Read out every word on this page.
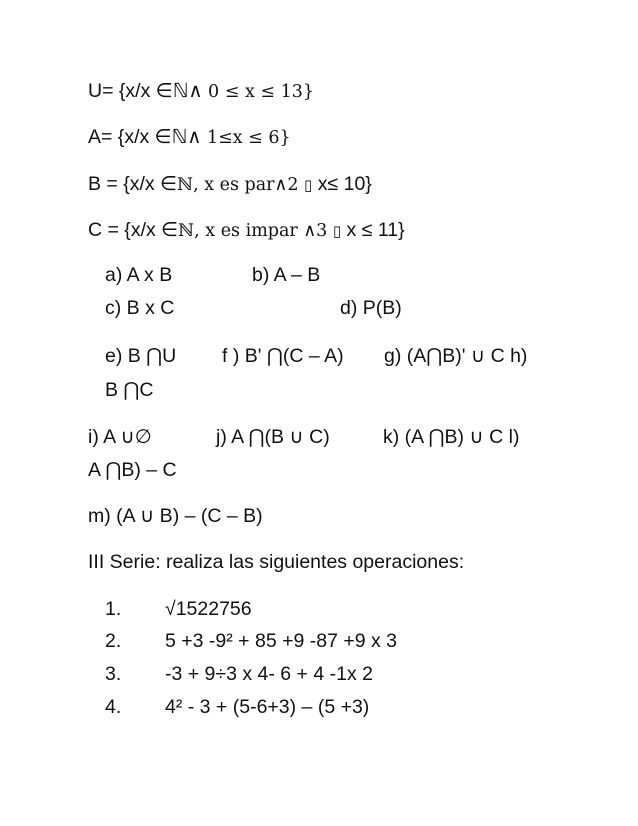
U= {x/x ∈ℕ∧ 0 ≤ x ≤ 13}
A= {x/x ∈ℕ∧ 1≤x ≤ 6}
B = {x/x ∈ℕ, x es par∧2 ▯ x≤ 10}
C = {x/x ∈ℕ, x es impar ∧3 ▯ x ≤ 11}
a) A x B	b) A – B
c) B x C	d) P(B)
e) B ⋂U f ) B' ⋂(C – A) g) (A⋂B)' ∪ C h)
B ⋂C
i) A ∪∅	j) A ⋂(B ∪ C)	k) (A ⋂B) ∪ C l)
A ⋂B) – C
m) (A ∪ B) – (C – B)
III Serie: realiza las siguientes operaciones:
1. √1522756
2. 5 +3 -9² + 85 +9 -87 +9 x 3
3. -3 + 9÷3 x 4- 6 + 4 -1x 2
4. 4² - 3 + (5-6+3) – (5 +3)
